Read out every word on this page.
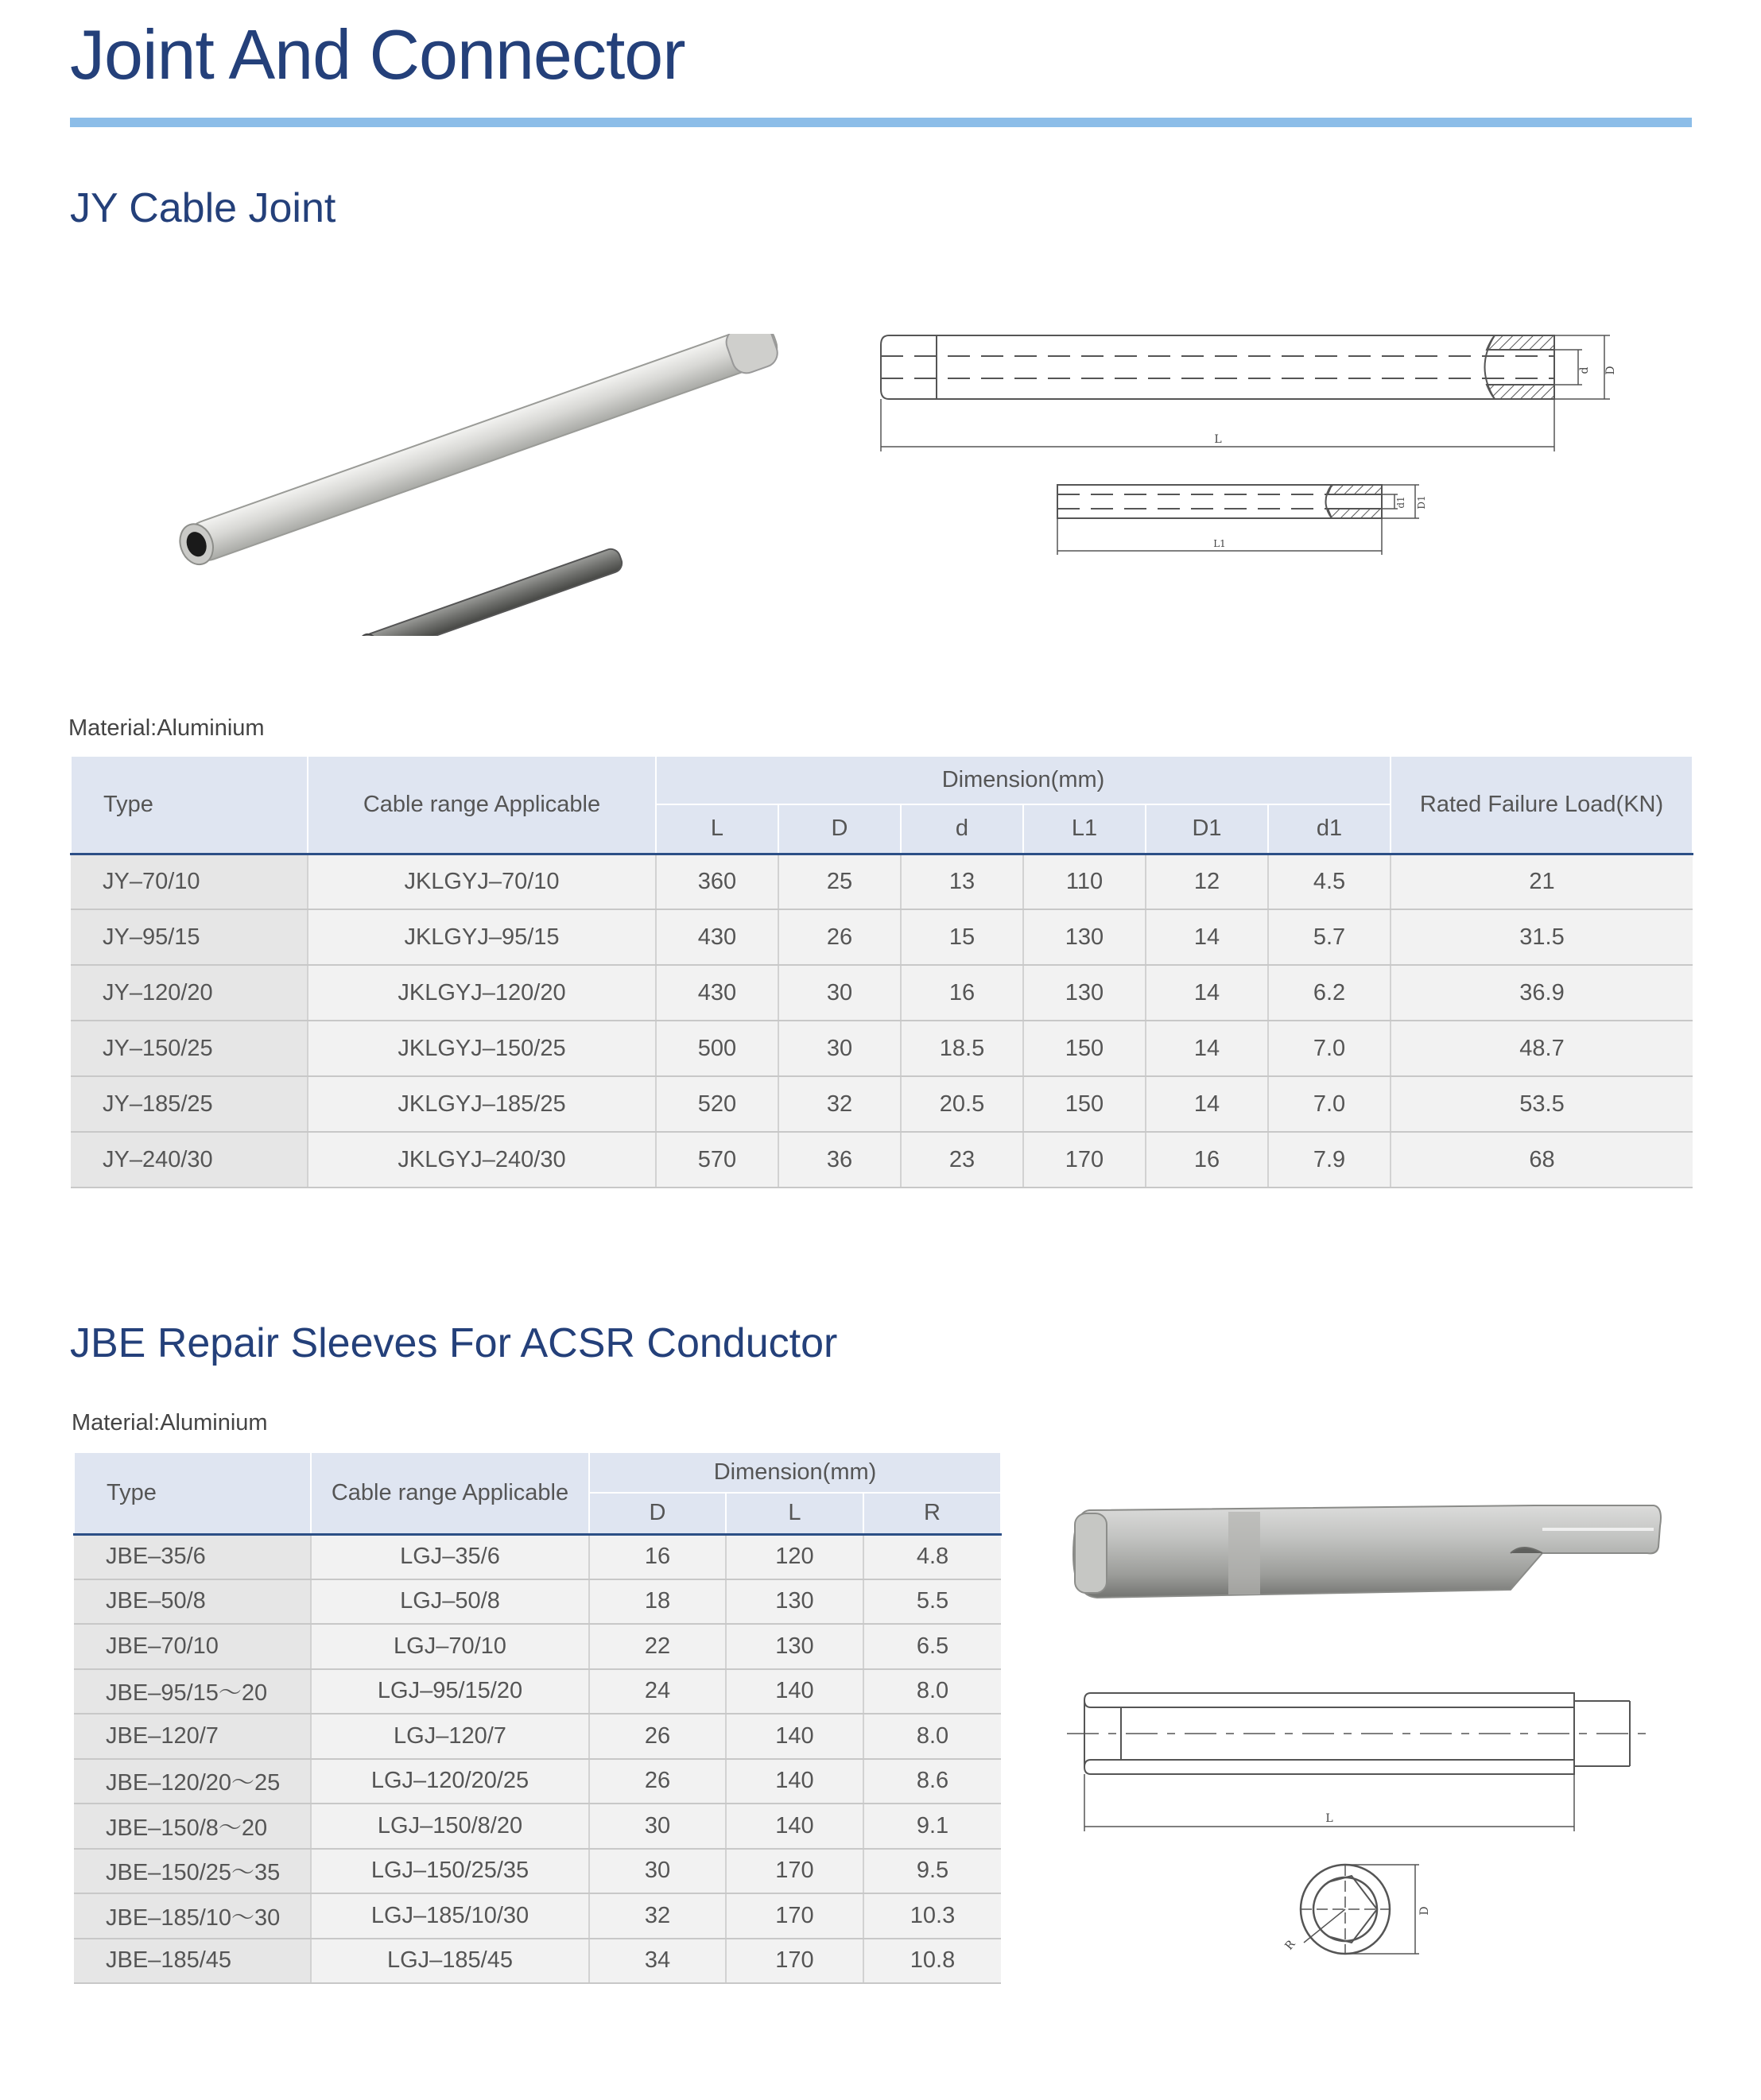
Joint And Connector
JY Cable Joint
d D
L
d1 D1
L1
Material:Aluminium
Type	Cable range Applicable	Dimension(mm)						Rated Failure Load(KN)
		L	D	d	L1	D1	d1	
JY–70/10	JKLGYJ–70/10	360	25	13	110	12	4.5	21
JY–95/15	JKLGYJ–95/15	430	26	15	130	14	5.7	31.5
JY–120/20	JKLGYJ–120/20	430	30	16	130	14	6.2	36.9
JY–150/25	JKLGYJ–150/25	500	30	18.5	150	14	7.0	48.7
JY–185/25	JKLGYJ–185/25	520	32	20.5	150	14	7.0	53.5
JY–240/30	JKLGYJ–240/30	570	36	23	170	16	7.9	68
JBE Repair Sleeves For ACSR Conductor
Material:Aluminium
Type	Cable range Applicable	Dimension(mm)		
		D	L	R
JBE–35/6	LGJ–35/6	16	120	4.8
JBE–50/8	LGJ–50/8	18	130	5.5
JBE–70/10	LGJ–70/10	22	130	6.5
JBE–95/15～20	LGJ–95/15/20	24	140	8.0
JBE–120/7	LGJ–120/7	26	140	8.0
JBE–120/20～25	LGJ–120/20/25	26	140	8.6
JBE–150/8～20	LGJ–150/8/20	30	140	9.1
JBE–150/25～35	LGJ–150/25/35	30	170	9.5
JBE–185/10～30	LGJ–185/10/30	32	170	10.3
JBE–185/45	LGJ–185/45	34	170	10.8
L
D
R
